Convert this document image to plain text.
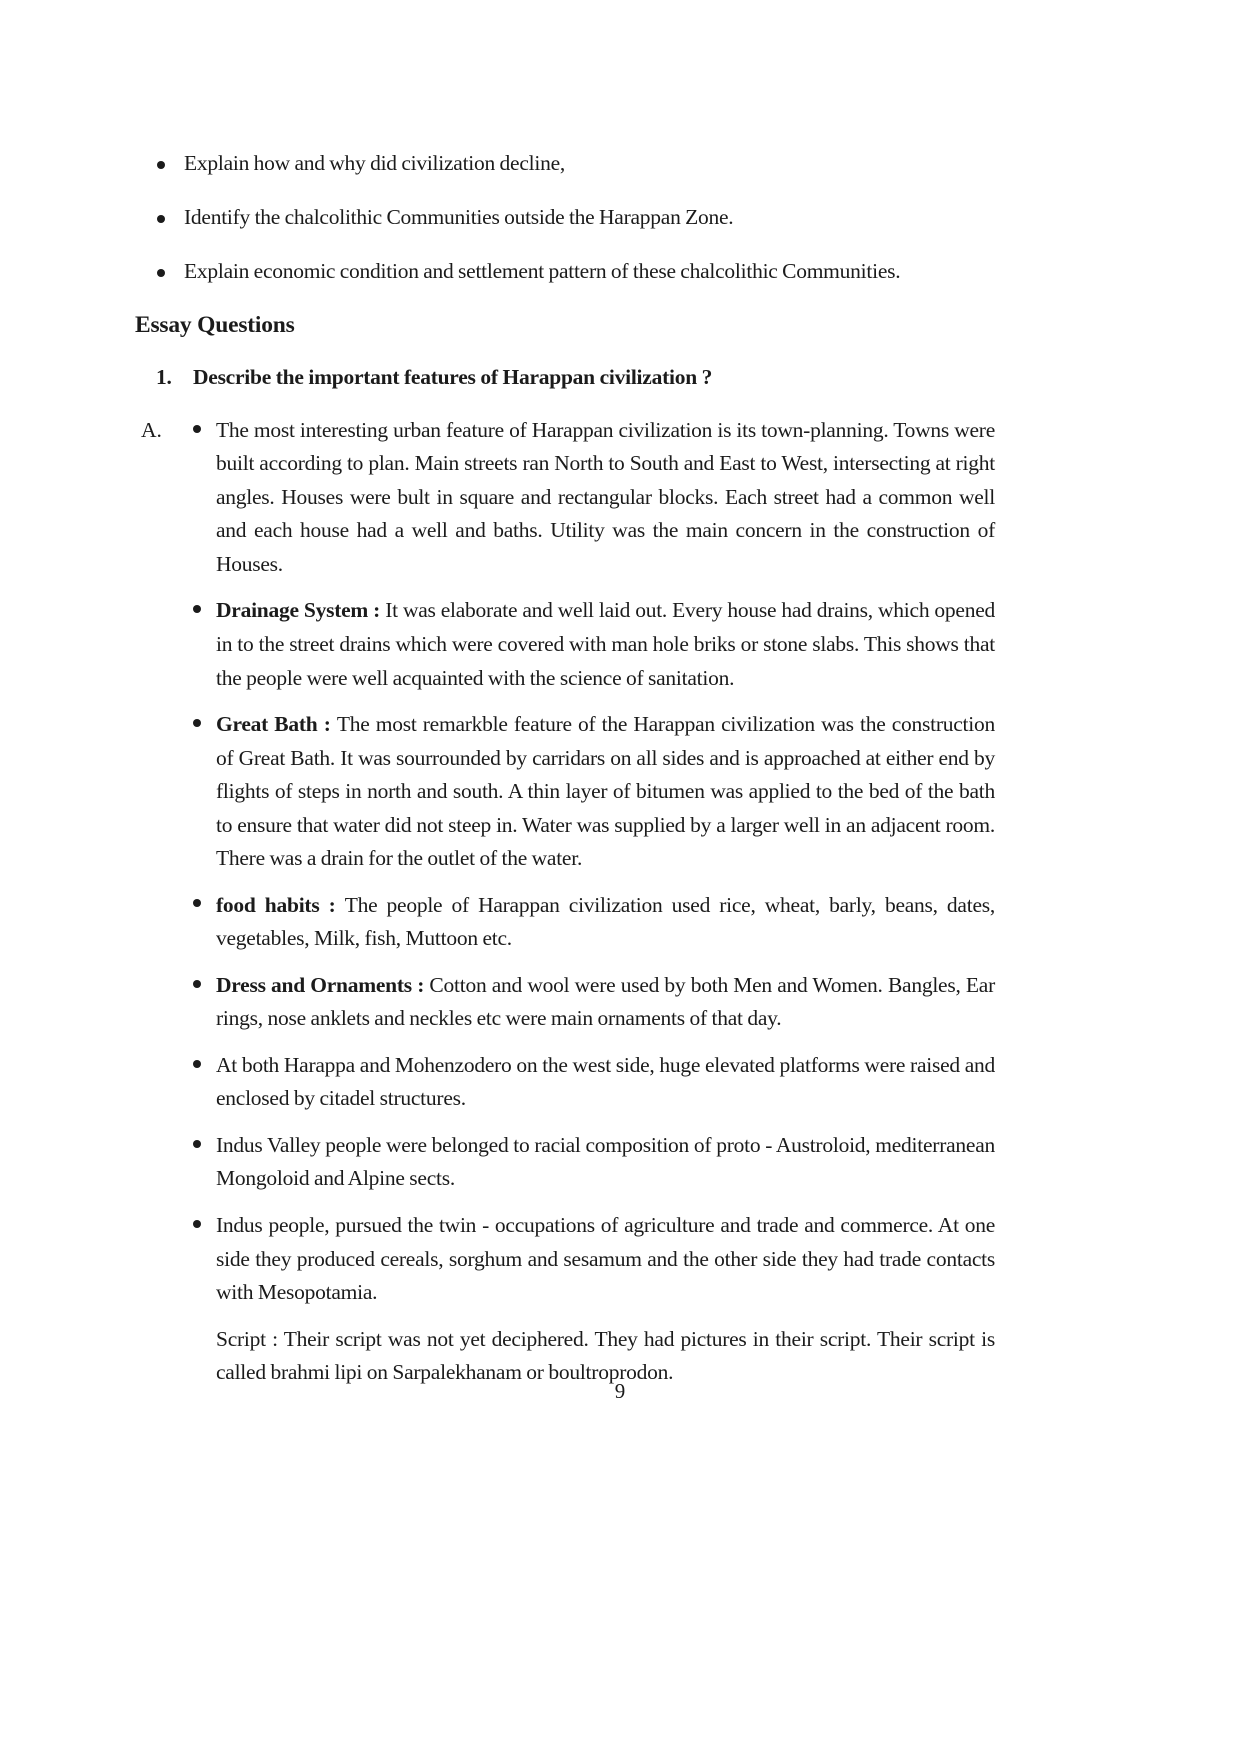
Explain how and why did civilization decline,
Identify the chalcolithic Communities outside the Harappan Zone.
Explain economic condition and settlement pattern of these chalcolithic Communities.
Essay Questions
1. Describe the important features of Harappan civilization ?
A.	The most interesting urban feature of Harappan civilization is its town-planning. Towns were built according to plan. Main streets ran North to South and East to West, intersecting at right angles. Houses were bult in square and rectangular blocks. Each street had a common well and each house had a well and baths. Utility was the main concern in the construction of Houses.
Drainage System : It was elaborate and well laid out. Every house had drains, which opened in to the street drains which were covered with man hole briks or stone slabs. This shows that the people were well acquainted with the science of sanitation.
Great Bath : The most remarkble feature of the Harappan civilization was the construction of Great Bath. It was sourrounded by carridars on all sides and is approached at either end by flights of steps in north and south. A thin layer of bitumen was applied to the bed of the bath to ensure that water did not steep in. Water was supplied by a larger well in an adjacent room. There was a drain for the outlet of the water.
food habits : The people of Harappan civilization used rice, wheat, barly, beans, dates, vegetables, Milk, fish, Muttoon etc.
Dress and Ornaments : Cotton and wool were used by both Men and Women. Bangles, Ear rings, nose anklets and neckles etc were main ornaments of that day.
At both Harappa and Mohenzodero on the west side, huge elevated platforms were raised and enclosed by citadel structures.
Indus Valley people were belonged to racial composition of proto - Austroloid, mediterranean Mongoloid and Alpine sects.
Indus people, pursued the twin - occupations of agriculture and trade and commerce. At one side they produced cereals, sorghum and sesamum and the other side they had trade contacts with Mesopotamia.
Script : Their script was not yet deciphered. They had pictures in their script. Their script is called brahmi lipi on Sarpalekhanam or boultroprodon.
9
